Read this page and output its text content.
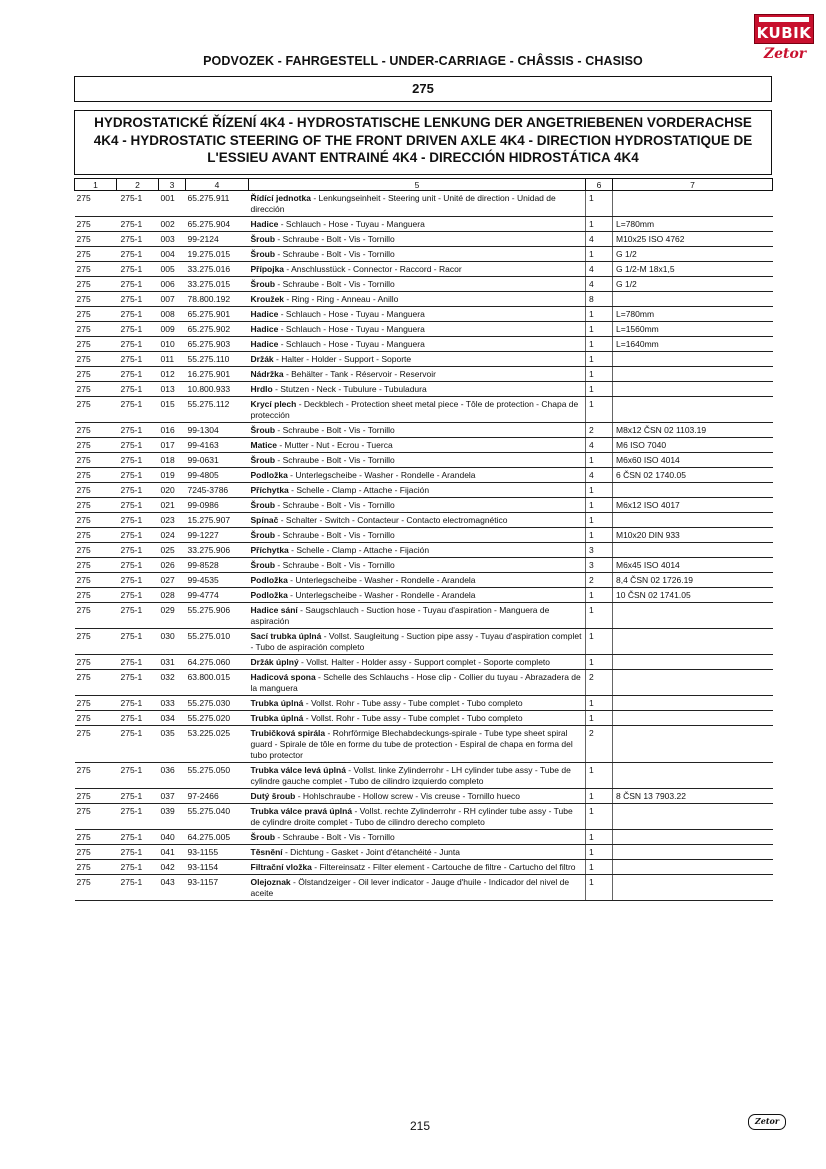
KUBIK
Zetor
PODVOZEK - FAHRGESTELL - UNDER-CARRIAGE - CHÂSSIS - CHASISO
275
HYDROSTATICKÉ ŘÍZENÍ 4K4 - HYDROSTATISCHE LENKUNG DER ANGETRIEBENEN VORDERACHSE
4K4 - HYDROSTATIC STEERING OF THE FRONT DRIVEN AXLE 4K4 - DIRECTION HYDROSTATIQUE DE
L'ESSIEU AVANT ENTRAINÉ 4K4 - DIRECCIÓN HIDROSTÁTICA 4K4
1	2	3	4	5	6	7
275	275-1	001	65.275.911	Řídící jednotka - Lenkungseinheit - Steering unit - Unité de direction - Unidad de dirección	1	
275	275-1	002	65.275.904	Hadice - Schlauch - Hose - Tuyau - Manguera	1	L=780mm
275	275-1	003	99-2124	Šroub - Schraube - Bolt - Vis - Tornillo	4	M10x25 ISO 4762
275	275-1	004	19.275.015	Šroub - Schraube - Bolt - Vis - Tornillo	1	G 1/2
275	275-1	005	33.275.016	Přípojka - Anschlusstück - Connector - Raccord - Racor	4	G 1/2-M 18x1,5
275	275-1	006	33.275.015	Šroub - Schraube - Bolt - Vis - Tornillo	4	G 1/2
275	275-1	007	78.800.192	Kroužek - Ring - Ring - Anneau - Anillo	8	
275	275-1	008	65.275.901	Hadice - Schlauch - Hose - Tuyau - Manguera	1	L=780mm
275	275-1	009	65.275.902	Hadice - Schlauch - Hose - Tuyau - Manguera	1	L=1560mm
275	275-1	010	65.275.903	Hadice - Schlauch - Hose - Tuyau - Manguera	1	L=1640mm
275	275-1	011	55.275.110	Držák - Halter - Holder - Support - Soporte	1	
275	275-1	012	16.275.901	Nádržka - Behälter - Tank - Réservoir - Reservoir	1	
275	275-1	013	10.800.933	Hrdlo - Stutzen - Neck - Tubulure - Tubuladura	1	
275	275-1	015	55.275.112	Krycí plech - Deckblech - Protection sheet metal piece - Tôle de protection - Chapa de protección	1	
275	275-1	016	99-1304	Šroub - Schraube - Bolt - Vis - Tornillo	2	M8x12 ČSN 02 1103.19
275	275-1	017	99-4163	Matice - Mutter - Nut - Ecrou - Tuerca	4	M6 ISO 7040
275	275-1	018	99-0631	Šroub - Schraube - Bolt - Vis - Tornillo	1	M6x60 ISO 4014
275	275-1	019	99-4805	Podložka - Unterlegscheibe - Washer - Rondelle - Arandela	4	6 ČSN 02 1740.05
275	275-1	020	7245-3786	Příchytka - Schelle - Clamp - Attache - Fijación	1	
275	275-1	021	99-0986	Šroub - Schraube - Bolt - Vis - Tornillo	1	M6x12 ISO 4017
275	275-1	023	15.275.907	Spínač - Schalter - Switch - Contacteur - Contacto electromagnético	1	
275	275-1	024	99-1227	Šroub - Schraube - Bolt - Vis - Tornillo	1	M10x20 DIN 933
275	275-1	025	33.275.906	Příchytka - Schelle - Clamp - Attache - Fijación	3	
275	275-1	026	99-8528	Šroub - Schraube - Bolt - Vis - Tornillo	3	M6x45 ISO 4014
275	275-1	027	99-4535	Podložka - Unterlegscheibe - Washer - Rondelle - Arandela	2	8,4 ČSN 02 1726.19
275	275-1	028	99-4774	Podložka - Unterlegscheibe - Washer - Rondelle - Arandela	1	10 ČSN 02 1741.05
275	275-1	029	55.275.906	Hadice sání - Saugschlauch - Suction hose - Tuyau d'aspiration - Manguera de aspiración	1	
275	275-1	030	55.275.010	Sací trubka úplná - Vollst. Saugleitung - Suction pipe assy - Tuyau d'aspiration complet - Tubo de aspiración completo	1	
275	275-1	031	64.275.060	Držák úplný - Vollst. Halter - Holder assy - Support complet - Soporte completo	1	
275	275-1	032	63.800.015	Hadicová spona - Schelle des Schlauchs - Hose clip - Collier du tuyau - Abrazadera de la manguera	2	
275	275-1	033	55.275.030	Trubka úplná - Vollst. Rohr - Tube assy - Tube complet - Tubo completo	1	
275	275-1	034	55.275.020	Trubka úplná - Vollst. Rohr - Tube assy - Tube complet - Tubo completo	1	
275	275-1	035	53.225.025	Trubičková spirála - Rohrförmige Blechabdeckungs-spirale - Tube type sheet spiral guard - Spirale de tôle en forme du tube de protection - Espiral de chapa en forma del tubo protector	2	
275	275-1	036	55.275.050	Trubka válce levá úplná - Vollst. linke Zylinderrohr - LH cylinder tube assy - Tube de cylindre gauche complet - Tubo de cilindro izquierdo completo	1	
275	275-1	037	97-2466	Dutý šroub - Hohlschraube - Hollow screw - Vis creuse - Tornillo hueco	1	8 ČSN 13 7903.22
275	275-1	039	55.275.040	Trubka válce pravá úplná - Vollst. rechte Zylinderrohr - RH cylinder tube assy - Tube de cylindre droite complet - Tubo de cilindro derecho completo	1	
275	275-1	040	64.275.005	Šroub - Schraube - Bolt - Vis - Tornillo	1	
275	275-1	041	93-1155	Těsnění - Dichtung - Gasket - Joint d'étanchéité - Junta	1	
275	275-1	042	93-1154	Filtrační vložka - Filtereinsatz - Filter element - Cartouche de filtre - Cartucho del filtro	1	
275	275-1	043	93-1157	Olejoznak - Ölstandzeiger - Oil lever indicator - Jauge d'huile - Indicador del nivel de aceite	1	
215	Zetor
